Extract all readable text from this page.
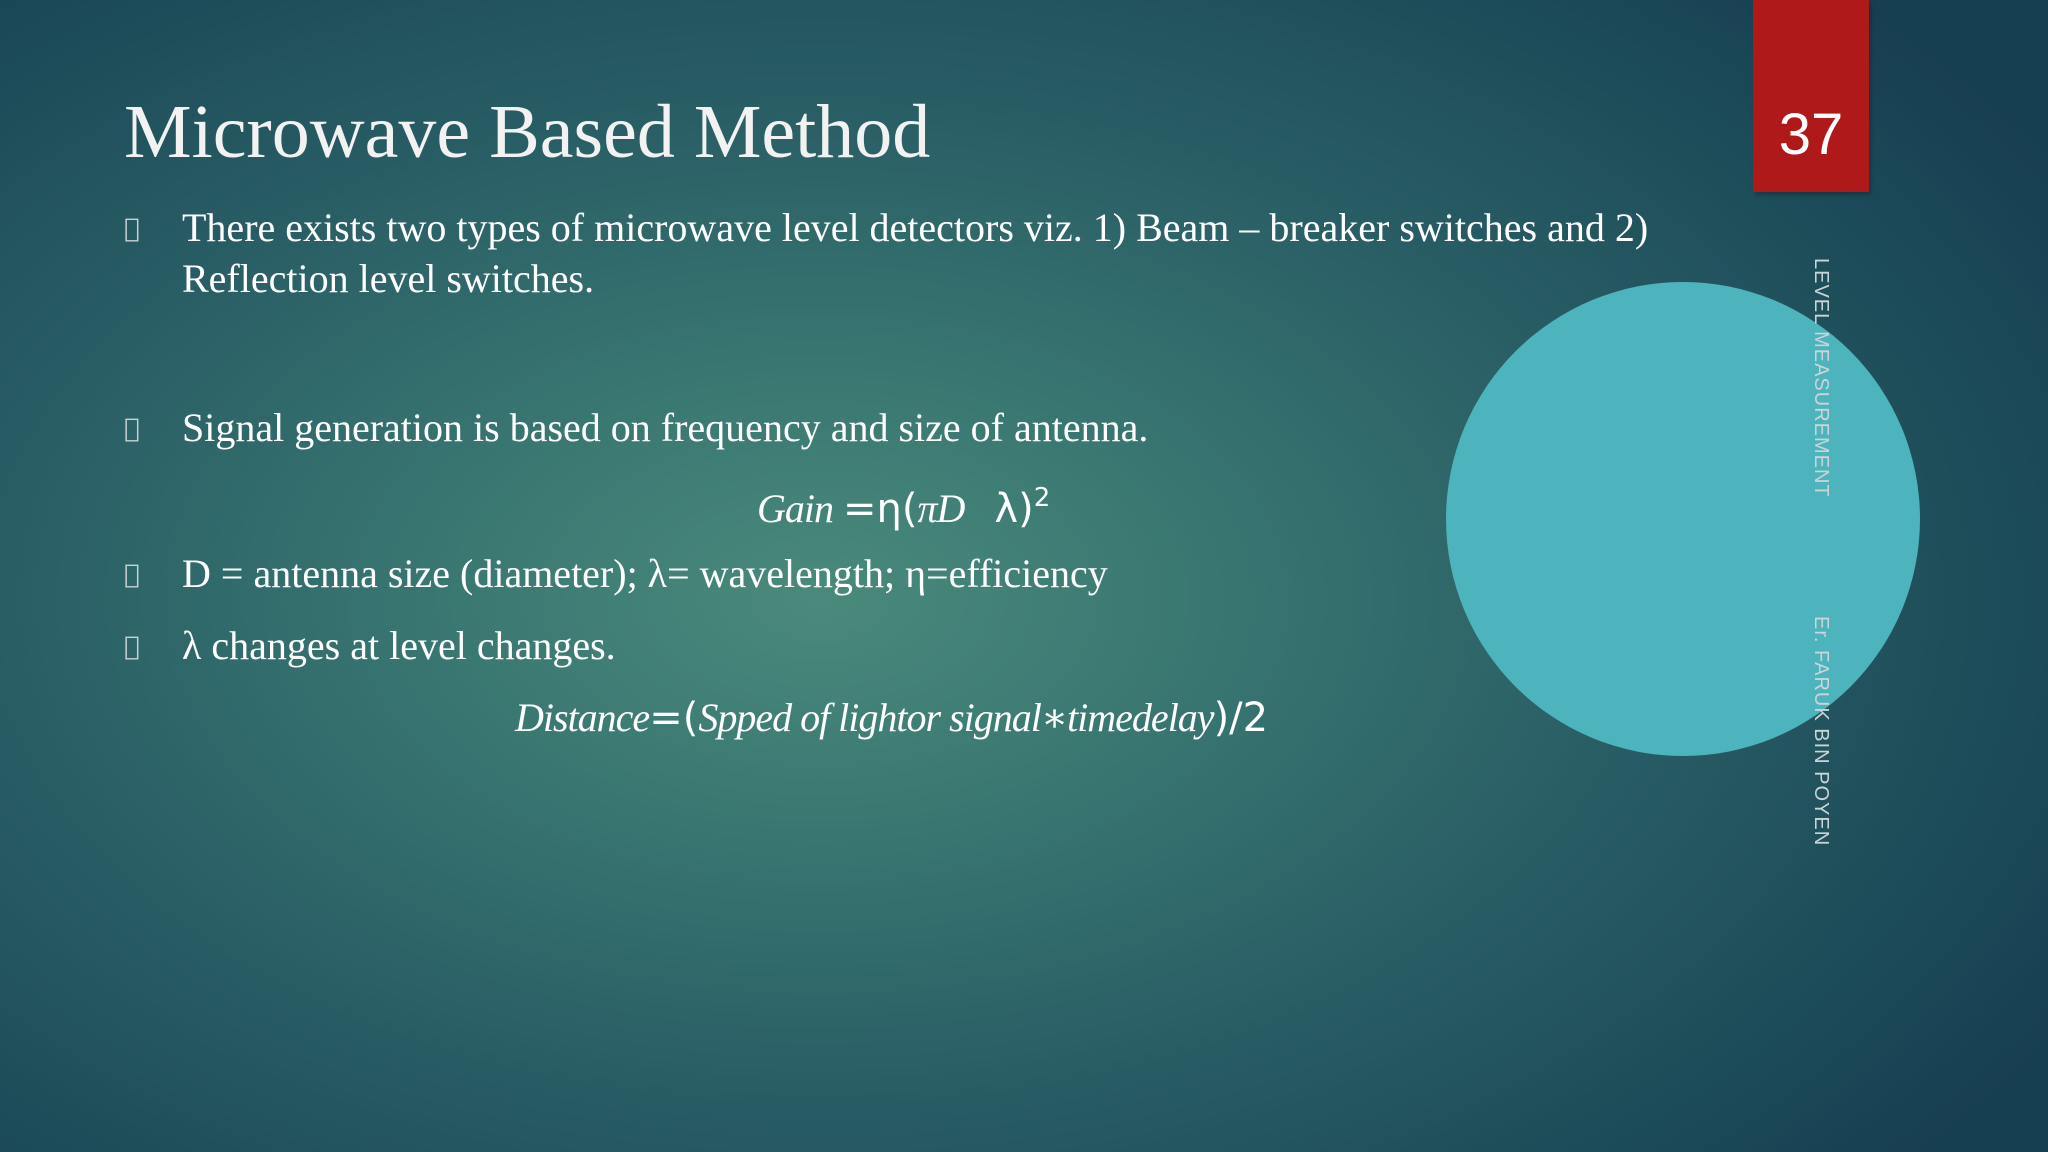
Microwave Based Method	37
LEVEL MEASUREMENT
Er. FARUK BIN POYEN
There exists two types of microwave level detectors viz. 1) Beam – breaker switches and 2) Reflection level switches.
Signal generation is based on frequency and size of antenna.
Gain =η(πD λ)$^2$
D = antenna size (diameter); λ= wavelength; η=efficiency
λ changes at level changes.
Distance=(Spped of lightor signal∗timedelay)/2
